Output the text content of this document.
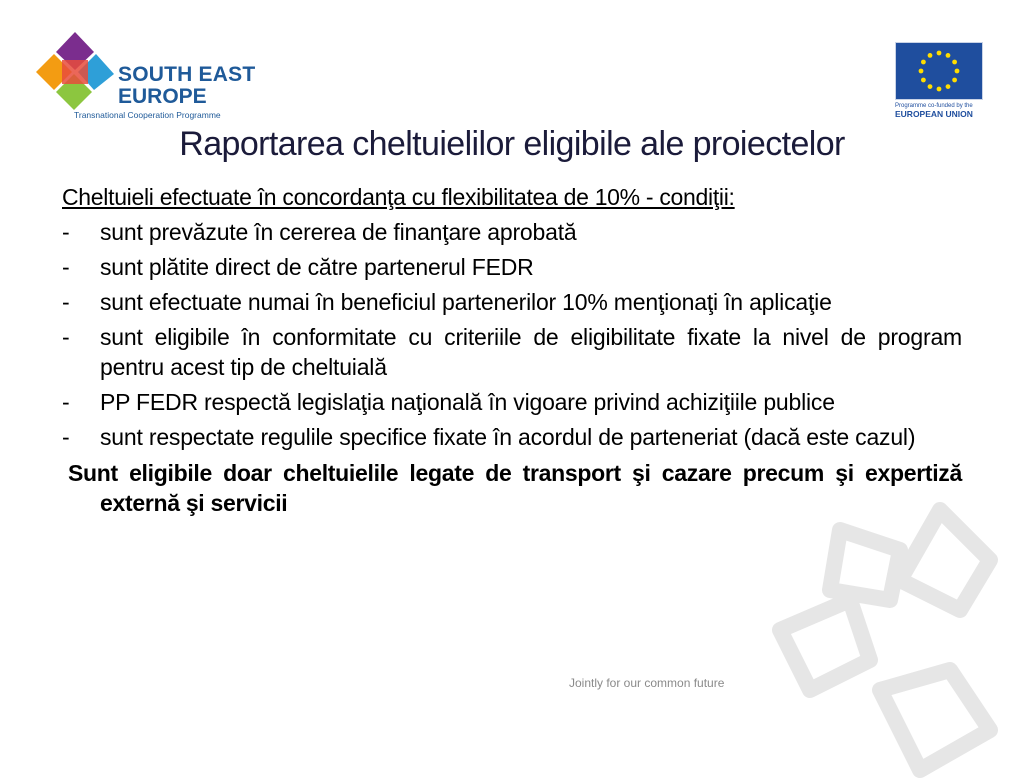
SOUTH EAST
EUROPE
Transnational Cooperation Programme
Programme co-funded by the
EUROPEAN UNION
Raportarea cheltuielilor eligibile ale proiectelor
Cheltuieli efectuate în concordanţa cu flexibilitatea de 10% - condiţii:
- sunt prevăzute în cererea de finanţare aprobată
- sunt plătite direct de către partenerul FEDR
- sunt efectuate numai în beneficiul partenerilor 10% menţionaţi în aplicaţie
- sunt eligibile în conformitate cu criteriile de eligibilitate fixate la nivel de program pentru acest tip de cheltuială
- PP FEDR respectă legislaţia naţională în vigoare privind achiziţiile publice
- sunt respectate regulile specifice fixate în acordul de parteneriat (dacă este cazul)
Sunt eligibile doar cheltuielile legate de transport şi cazare precum şi expertiză externă şi servicii
Jointly for our common future
